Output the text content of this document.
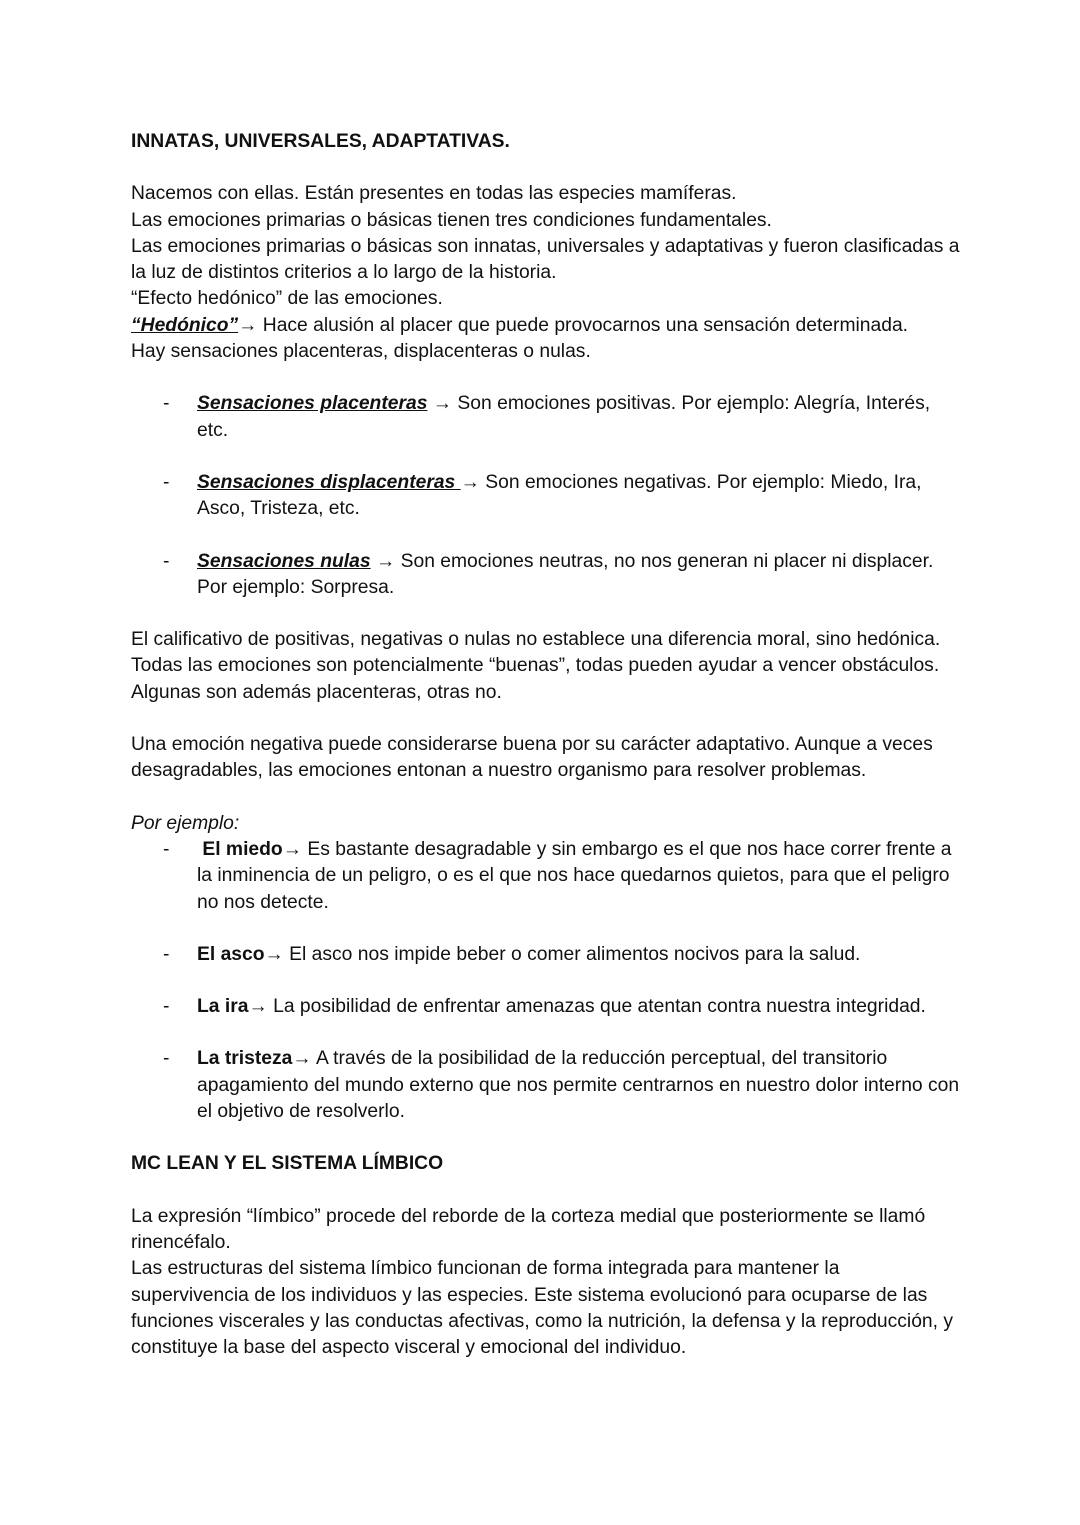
INNATAS, UNIVERSALES, ADAPTATIVAS.

Nacemos con ellas. Están presentes en todas las especies mamíferas.

Las emociones primarias o básicas tienen tres condiciones fundamentales.

Las emociones primarias o básicas son innatas, universales y adaptativas y fueron clasificadas a la luz de distintos criterios a lo largo de la historia.

“Efecto hedónico” de las emociones.

“Hedónico”→ Hace alusión al placer que puede provocarnos una sensación determinada.

Hay sensaciones placenteras, displacenteras o nulas.

-	Sensaciones placenteras → Son emociones positivas. Por ejemplo: Alegría, Interés, etc.

-	Sensaciones displacenteras → Son emociones negativas. Por ejemplo: Miedo, Ira, Asco, Tristeza, etc.

-	Sensaciones nulas → Son emociones neutras, no nos generan ni placer ni displacer. Por ejemplo: Sorpresa.

El calificativo de positivas, negativas o nulas no establece una diferencia moral, sino hedónica. Todas las emociones son potencialmente “buenas”, todas pueden ayudar a vencer obstáculos. Algunas son además placenteras, otras no.

Una emoción negativa puede considerarse buena por su carácter adaptativo. Aunque a veces desagradables, las emociones entonan a nuestro organismo para resolver problemas.

Por ejemplo:

-	El miedo→ Es bastante desagradable y sin embargo es el que nos hace correr frente a la inminencia de un peligro, o es el que nos hace quedarnos quietos, para que el peligro no nos detecte.

-	El asco→ El asco nos impide beber o comer alimentos nocivos para la salud.

-	La ira→ La posibilidad de enfrentar amenazas que atentan contra nuestra integridad.

-	La tristeza→ A través de la posibilidad de la reducción perceptual, del transitorio apagamiento del mundo externo que nos permite centrarnos en nuestro dolor interno con el objetivo de resolverlo.

MC LEAN Y EL SISTEMA LÍMBICO

La expresión “límbico” procede del reborde de la corteza medial que posteriormente se llamó rinencéfalo.

Las estructuras del sistema límbico funcionan de forma integrada para mantener la supervivencia de los individuos y las especies. Este sistema evolucionó para ocuparse de las funciones viscerales y las conductas afectivas, como la nutrición, la defensa y la reproducción, y constituye la base del aspecto visceral y emocional del individuo.
